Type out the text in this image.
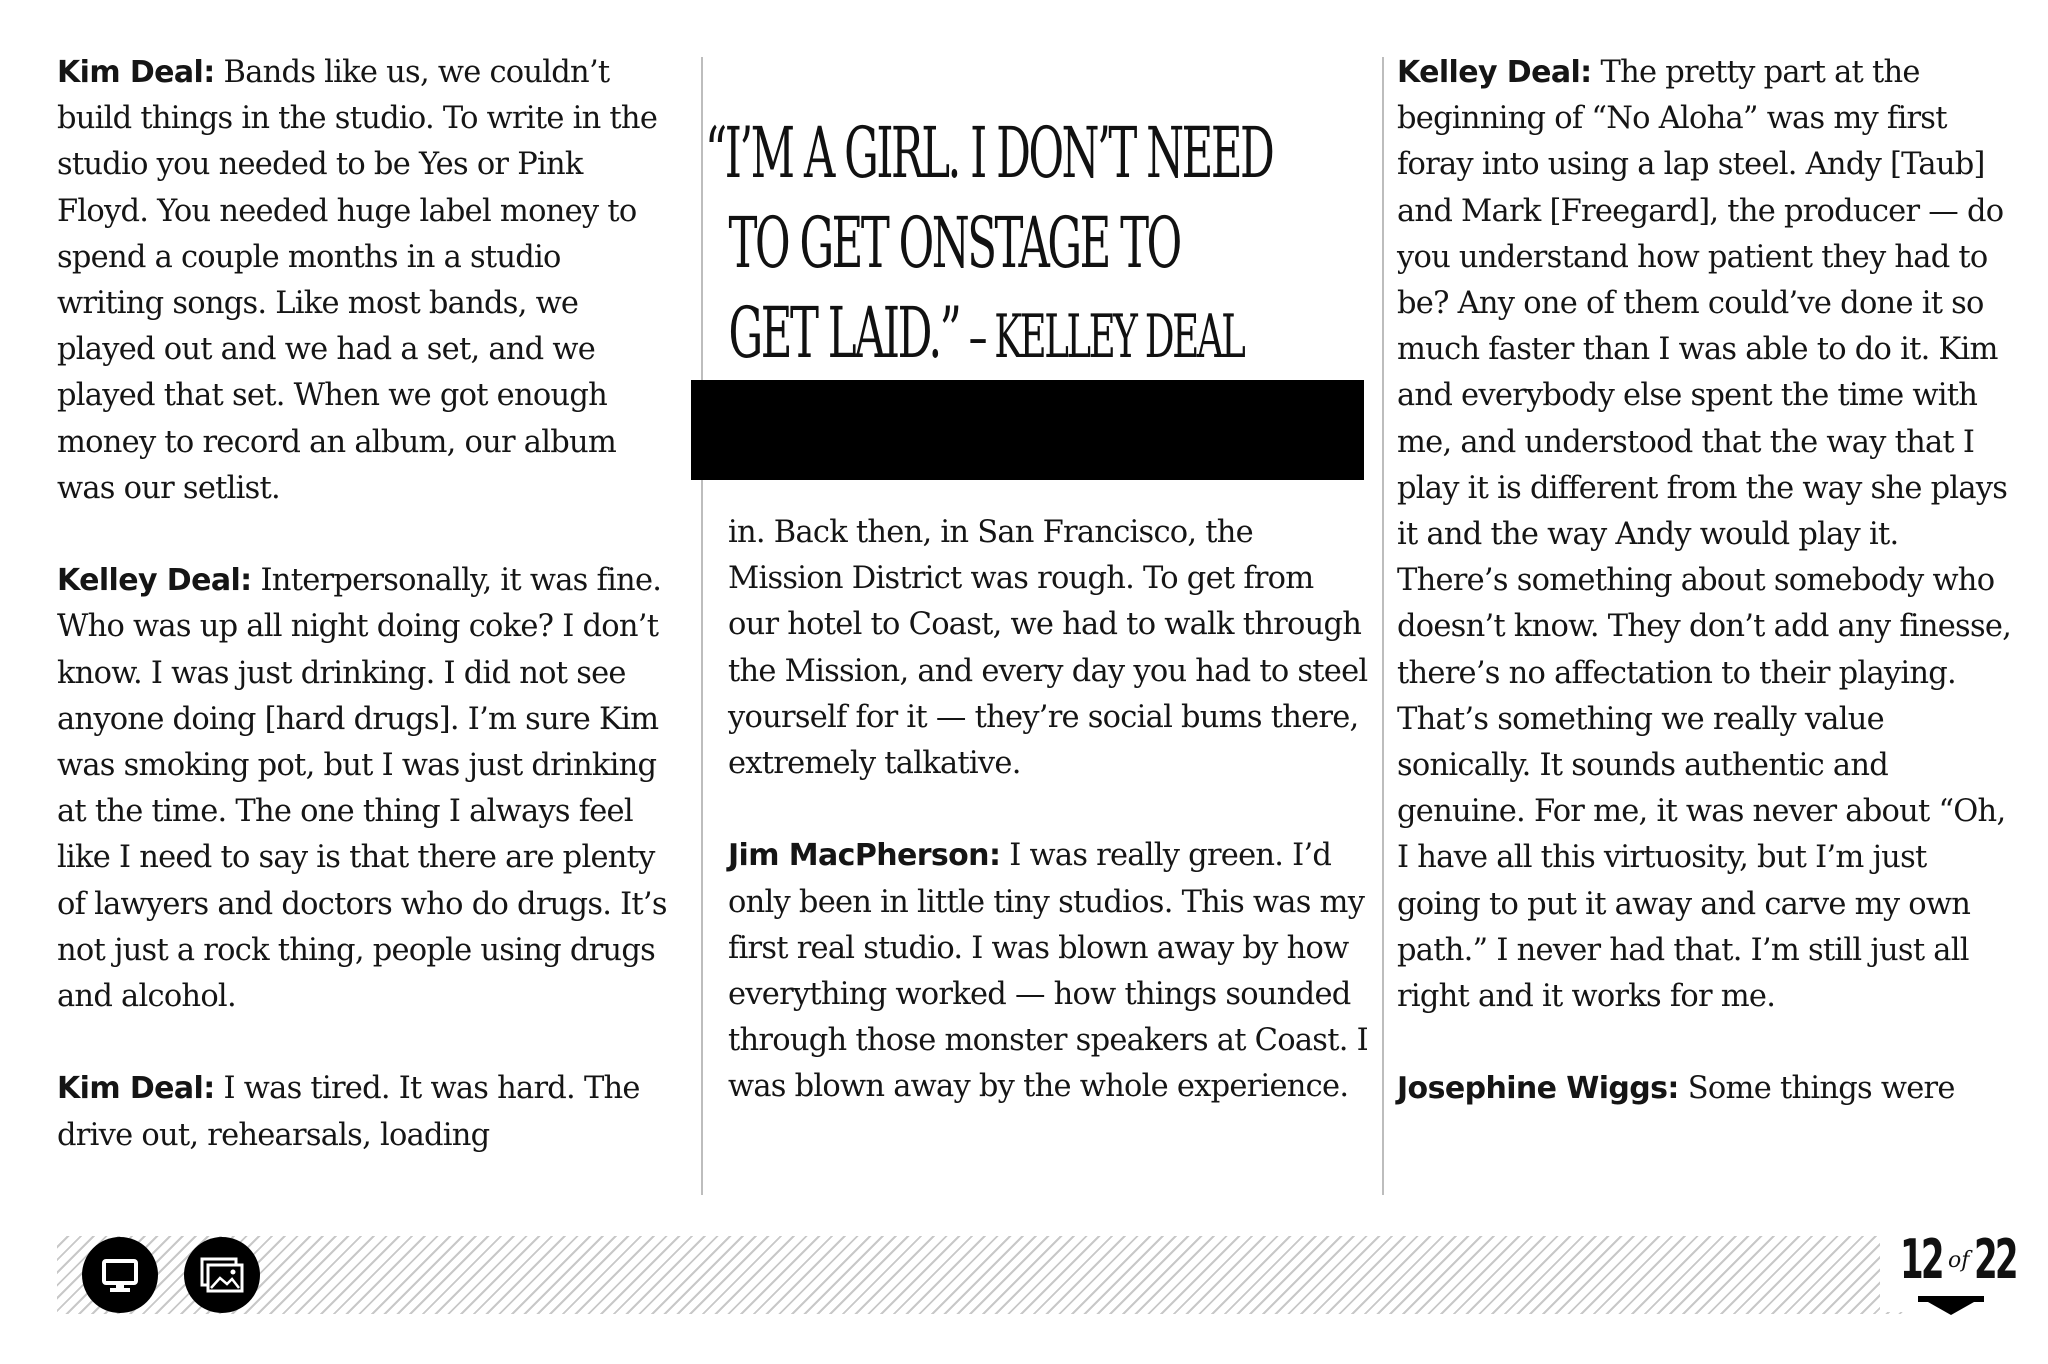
Kim Deal: Bands like us, we couldn’t build things in the studio. To write in the studio you needed to be Yes or Pink Floyd. You needed huge label money to spend a couple months in a studio writing songs. Like most bands, we played out and we had a set, and we played that set. When we got enough money to record an album, our album was our setlist.

Kelley Deal: Interpersonally, it was fine. Who was up all night doing coke? I don’t know. I was just drinking. I did not see anyone doing [hard drugs]. I’m sure Kim was smoking pot, but I was just drinking at the time. The one thing I always feel like I need to say is that there are plenty of lawyers and doctors who do drugs. It’s not just a rock thing, people using drugs and alcohol.

Kim Deal: I was tired. It was hard. The drive out, rehearsals, loading

“I’M A GIRL. I DON’T NEED
TO GET ONSTAGE TO
GET LAID.” – KELLEY DEAL

in. Back then, in San Francisco, the Mission District was rough. To get from our hotel to Coast, we had to walk through the Mission, and every day you had to steel yourself for it — they’re social bums there, extremely talkative.

Jim MacPherson: I was really green. I’d only been in little tiny studios. This was my first real studio. I was blown away by how everything worked — how things sounded through those monster speakers at Coast. I was blown away by the whole experience.

Kelley Deal: The pretty part at the beginning of “No Aloha” was my first foray into using a lap steel. Andy [Taub] and Mark [Freegard], the producer — do you understand how patient they had to be? Any one of them could’ve done it so much faster than I was able to do it. Kim and everybody else spent the time with me, and understood that the way that I play it is different from the way she plays it and the way Andy would play it. There’s something about somebody who doesn’t know. They don’t add any finesse, there’s no affectation to their playing. That’s something we really value sonically. It sounds authentic and genuine. For me, it was never about “Oh, I have all this virtuosity, but I’m just going to put it away and carve my own path.” I never had that. I’m still just all right and it works for me.

Josephine Wiggs: Some things were

12 of 22
